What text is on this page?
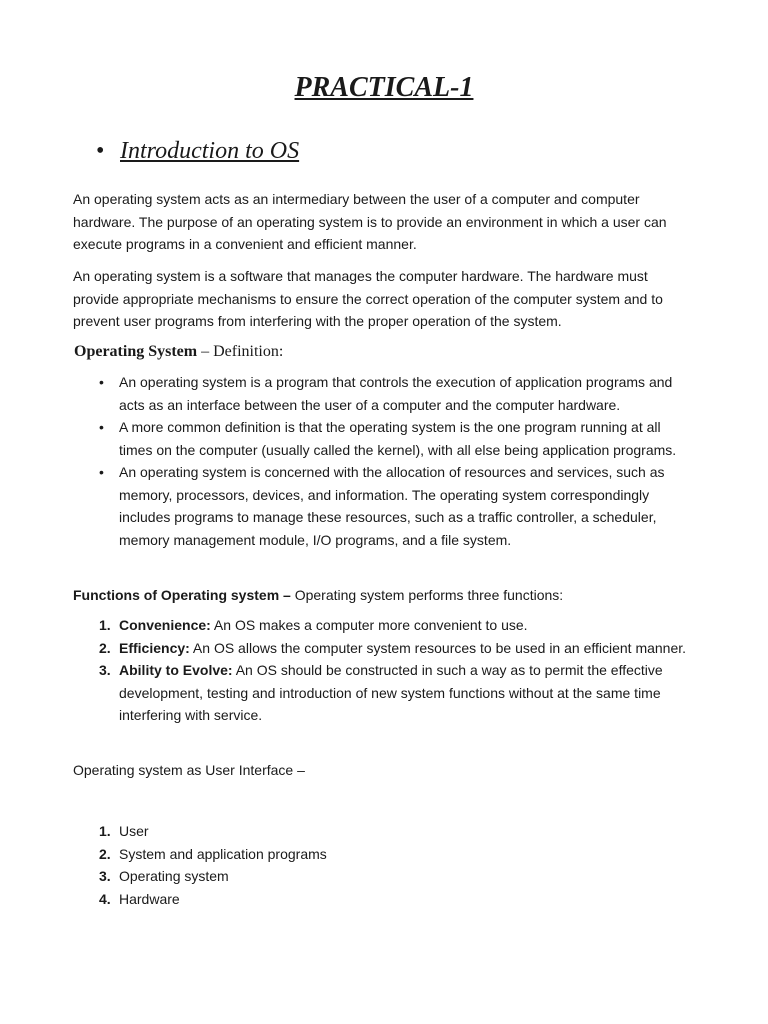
PRACTICAL-1
• Introduction to OS

An operating system acts as an intermediary between the user of a computer and computer hardware. The purpose of an operating system is to provide an environment in which a user can execute programs in a convenient and efficient manner.

An operating system is a software that manages the computer hardware. The hardware must provide appropriate mechanisms to ensure the correct operation of the computer system and to prevent user programs from interfering with the proper operation of the system.

Operating System – Definition:
• An operating system is a program that controls the execution of application programs and acts as an interface between the user of a computer and the computer hardware.
• A more common definition is that the operating system is the one program running at all times on the computer (usually called the kernel), with all else being application programs.
• An operating system is concerned with the allocation of resources and services, such as memory, processors, devices, and information. The operating system correspondingly includes programs to manage these resources, such as a traffic controller, a scheduler, memory management module, I/O programs, and a file system.
Functions of Operating system – Operating system performs three functions:
1. Convenience: An OS makes a computer more convenient to use.
2. Efficiency: An OS allows the computer system resources to be used in an efficient manner.
3. Ability to Evolve: An OS should be constructed in such a way as to permit the effective development, testing and introduction of new system functions without at the same time interfering with service.
Operating system as User Interface –
1. User
2. System and application programs
3. Operating system
4. Hardware
